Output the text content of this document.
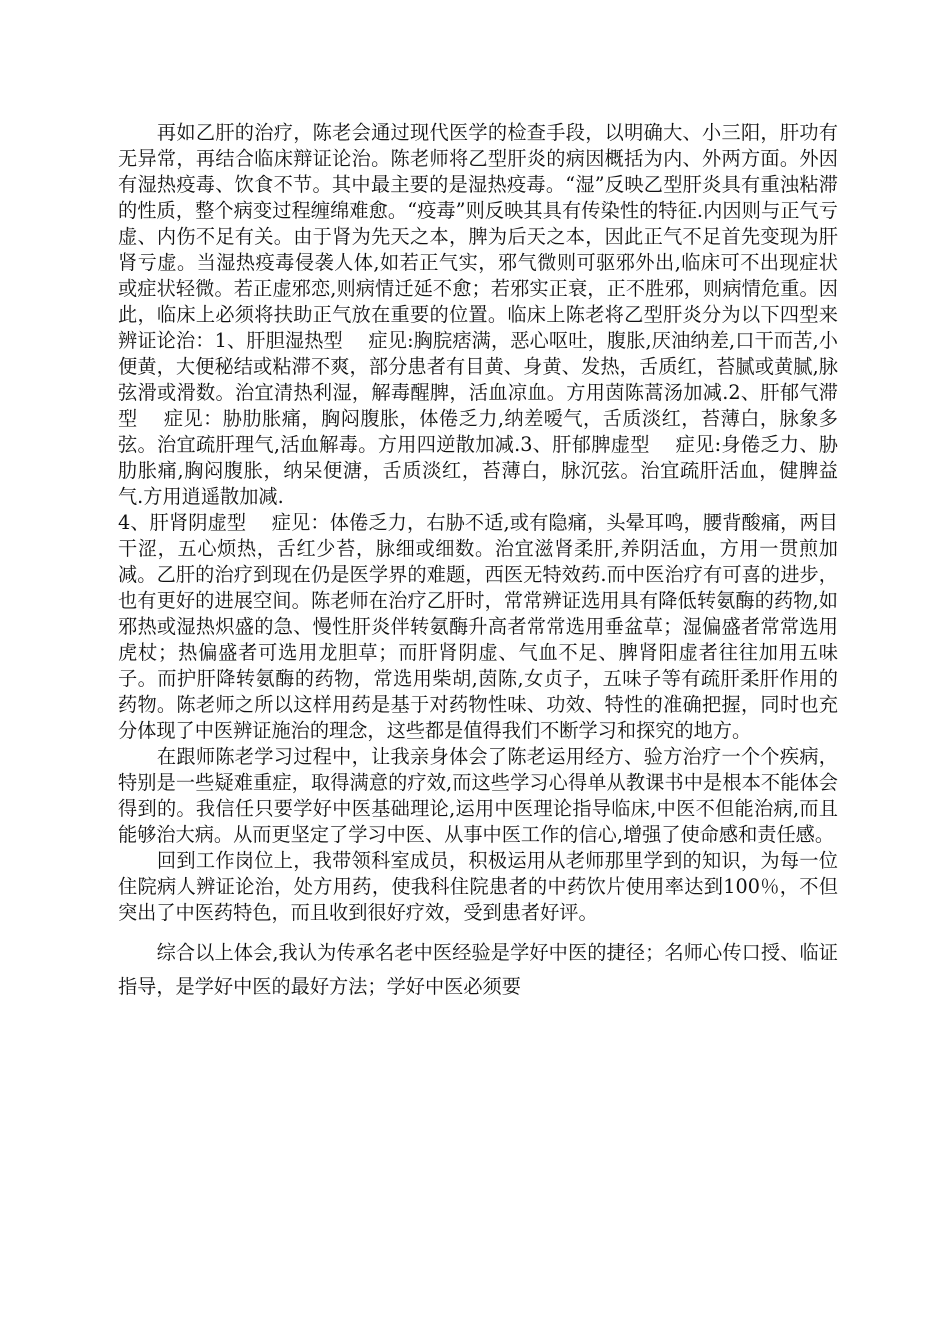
　　再如乙肝的治疗，陈老会通过现代医学的检查手段，以明确大、小三阳，肝功有无异常，再结合临床辩证论治。陈老师将乙型肝炎的病因概括为内、外两方面。外因有湿热疫毒、饮食不节。其中最主要的是湿热疫毒。“湿”反映乙型肝炎具有重浊粘滞的性质，整个病变过程缠绵难愈。“疫毒”则反映其具有传染性的特征.内因则与正气亏虚、内伤不足有关。由于肾为先天之本，脾为后天之本，因此正气不足首先变现为肝肾亏虚。当湿热疫毒侵袭人体,如若正气实，邪气微则可驱邪外出,临床可不出现症状或症状轻微。若正虚邪恋,则病情迁延不愈；若邪实正衰，正不胜邪，则病情危重。因此，临床上必须将扶助正气放在重要的位置。临床上陈老将乙型肝炎分为以下四型来辨证论治：1、肝胆湿热型　 症见:胸脘痞满，恶心呕吐，腹胀,厌油纳差,口干而苦,小便黄，大便秘结或粘滞不爽，部分患者有目黄、身黄、发热，舌质红，苔腻或黄腻,脉弦滑或滑数。治宜清热利湿，解毒醒脾，活血凉血。方用茵陈蒿汤加减.2、肝郁气滞型　 症见：胁肋胀痛，胸闷腹胀，体倦乏力,纳差嗳气，舌质淡红，苔薄白，脉象多弦。治宜疏肝理气,活血解毒。方用四逆散加减.3、肝郁脾虚型　 症见:身倦乏力、胁肋胀痛,胸闷腹胀，纳呆便溏，舌质淡红，苔薄白，脉沉弦。治宜疏肝活血，健脾益气.方用逍遥散加减.
4、肝肾阴虚型　 症见：体倦乏力，右胁不适,或有隐痛，头晕耳鸣，腰背酸痛，两目干涩，五心烦热，舌红少苔，脉细或细数。治宜滋肾柔肝,养阴活血，方用一贯煎加减。乙肝的治疗到现在仍是医学界的难题，西医无特效药.而中医治疗有可喜的进步，也有更好的进展空间。陈老师在治疗乙肝时，常常辨证选用具有降低转氨酶的药物,如邪热或湿热炽盛的急、慢性肝炎伴转氨酶升高者常常选用垂盆草；湿偏盛者常常选用虎杖；热偏盛者可选用龙胆草；而肝肾阴虚、气血不足、脾肾阳虚者往往加用五味子。而护肝降转氨酶的药物，常选用柴胡,茵陈,女贞子，五味子等有疏肝柔肝作用的药物。陈老师之所以这样用药是基于对药物性味、功效、特性的准确把握，同时也充分体现了中医辨证施治的理念，这些都是值得我们不断学习和探究的地方。
　　在跟师陈老学习过程中，让我亲身体会了陈老运用经方、验方治疗一个个疾病，特别是一些疑难重症，取得满意的疗效,而这些学习心得单从教课书中是根本不能体会得到的。我信任只要学好中医基础理论,运用中医理论指导临床,中医不但能治病,而且能够治大病。从而更坚定了学习中医、从事中医工作的信心,增强了使命感和责任感。
　　回到工作岗位上，我带领科室成员，积极运用从老师那里学到的知识，为每一位住院病人辨证论治，处方用药，使我科住院患者的中药饮片使用率达到100％，不但突出了中医药特色，而且收到很好疗效，受到患者好评。
　　综合以上体会,我认为传承名老中医经验是学好中医的捷径；名师心传口授、临证指导，是学好中医的最好方法；学好中医必须要
